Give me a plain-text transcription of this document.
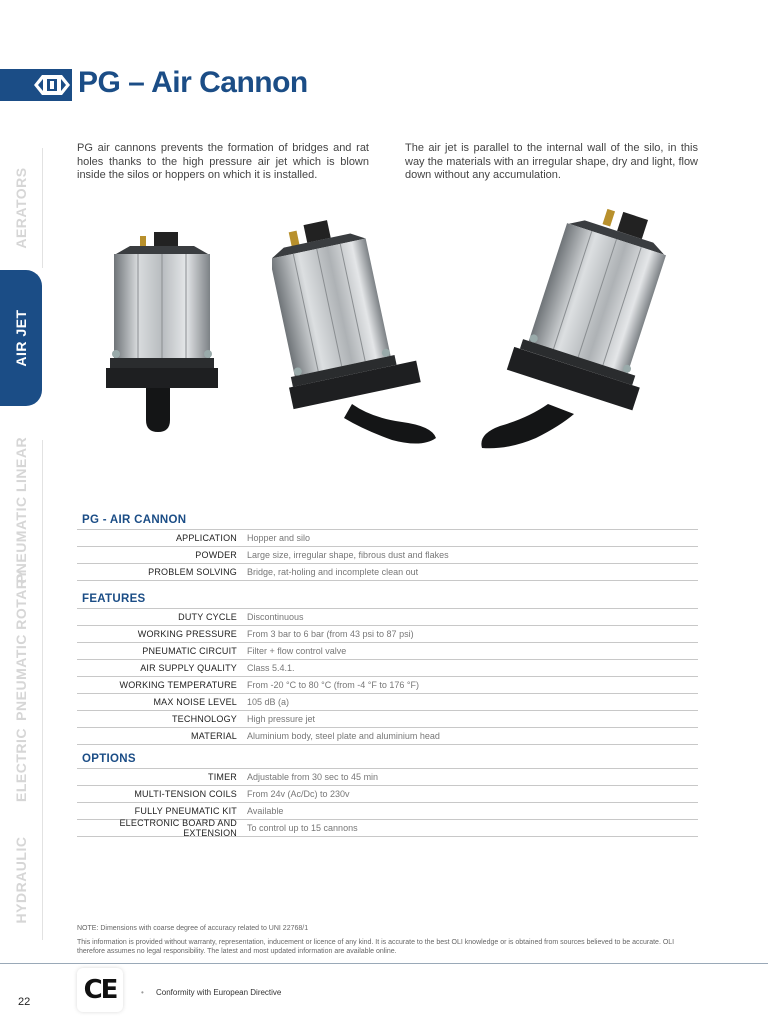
PG – Air Cannon
PG air cannons prevents the formation of bridges and rat holes thanks to the high pressure air jet which is blown inside the silos or hoppers on which it is installed.
The air jet is parallel to the internal wall of the silo, in this way the materials with an irregular shape, dry and light, flow down without any accumulation.
AERATORS
AIR JET
PNEUMATIC LINEAR
PNEUMATIC ROTARY
ELECTRIC
HYDRAULIC
PG - AIR CANNON
APPLICATION	Hopper and silo
POWDER	Large size, irregular shape, fibrous dust and flakes
PROBLEM SOLVING	Bridge, rat-holing and incomplete clean out
FEATURES
DUTY CYCLE	Discontinuous
WORKING PRESSURE	From 3 bar to 6 bar (from 43 psi to 87 psi)
PNEUMATIC CIRCUIT	Filter + flow control valve
AIR SUPPLY QUALITY	Class 5.4.1.
WORKING TEMPERATURE	From -20 °C to 80 °C (from -4 °F to 176 °F)
MAX NOISE LEVEL	105 dB (a)
TECHNOLOGY	High pressure jet
MATERIAL	Aluminium body, steel plate and aluminium head
OPTIONS
TIMER	Adjustable from 30 sec to 45 min
MULTI-TENSION COILS	From 24v (Ac/Dc) to 230v
FULLY PNEUMATIC KIT	Available
ELECTRONIC BOARD AND EXTENSION	To control up to 15 cannons
NOTE: Dimensions with coarse degree of accuracy related to UNI 22768/1
This information is provided without warranty, representation, inducement or licence of any kind. It is accurate to the best OLI knowledge or is obtained from sources believed to be accurate. OLI therefore assumes no legal responsibility. The latest and most updated information are available online.
22 CE	• Conformity with European Directive
